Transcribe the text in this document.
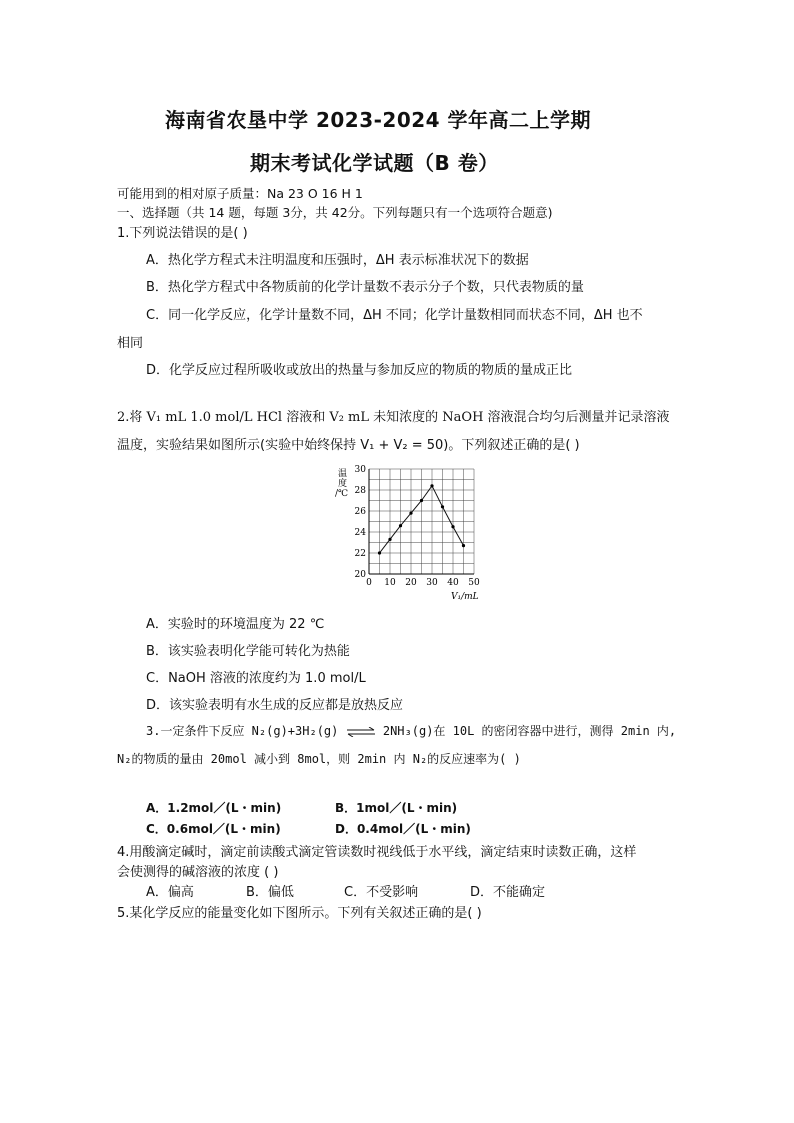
海南省农垦中学 2023-2024 学年高二上学期
期末考试化学试题（B 卷）
可能用到的相对原子质量：Na 23 O 16 H 1
一、选择题（共 14 题，每题 3分，共 42分。下列每题只有一个选项符合题意)
1.下列说法错误的是( )
A．热化学方程式未注明温度和压强时，ΔH 表示标准状况下的数据
B．热化学方程式中各物质前的化学计量数不表示分子个数，只代表物质的量
C．同一化学反应，化学计量数不同，ΔH 不同；化学计量数相同而状态不同，ΔH 也不
相同
D．化学反应过程所吸收或放出的热量与参加反应的物质的物质的量成正比
2.将 V₁ mL 1.0 mol/L HCl 溶液和 V₂ mL 未知浓度的 NaOH 溶液混合均匀后测量并记录溶液
温度，实验结果如图所示(实验中始终保持 V₁ + V₂ = 50)。下列叙述正确的是( )
温
度
/℃
V₁/mL
0 10 20 30 40 50
20
22
24
26
28
30
A．实验时的环境温度为 22 ℃
B．该实验表明化学能可转化为热能
C．NaOH 溶液的浓度约为 1.0 mol/L
D．该实验表明有水生成的反应都是放热反应
3.一定条件下反应 N₂(g)+3H₂(g) ⇌ 2NH₃(g)在 10L 的密闭容器中进行，测得 2min 内,
N₂的物质的量由 20mol 减小到 8mol，则 2min 内 N₂的反应速率为( )
A．1.2mol／(L・min)	B．1mol／(L・min)
C．0.6mol／(L・min)	D．0.4mol／(L・min)
4.用酸滴定碱时，滴定前读酸式滴定管读数时视线低于水平线，滴定结束时读数正确，这样
会使测得的碱溶液的浓度 ( )
A．偏高	B．偏低	C．不受影响	D．不能确定
5.某化学反应的能量变化如下图所示。下列有关叙述正确的是( )
